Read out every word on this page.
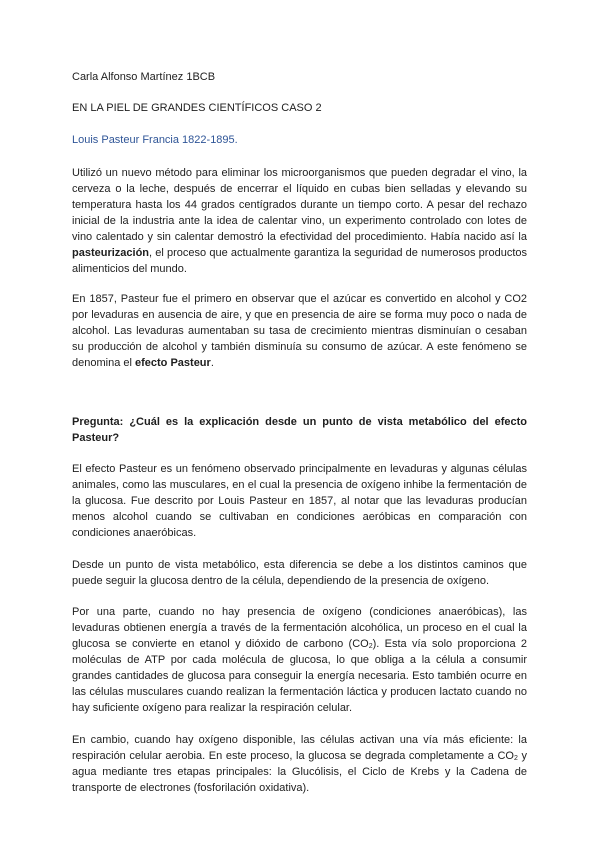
Carla Alfonso Martínez 1BCB

EN LA PIEL DE GRANDES CIENTÍFICOS CASO 2

Louis Pasteur Francia 1822-1895.

Utilizó un nuevo método para eliminar los microorganismos que pueden degradar el vino, la cerveza o la leche, después de encerrar el líquido en cubas bien selladas y elevando su temperatura hasta los 44 grados centígrados durante un tiempo corto. A pesar del rechazo inicial de la industria ante la idea de calentar vino, un experimento controlado con lotes de vino calentado y sin calentar demostró la efectividad del procedimiento. Había nacido así la pasteurización, el proceso que actualmente garantiza la seguridad de numerosos productos alimenticios del mundo.

En 1857, Pasteur fue el primero en observar que el azúcar es convertido en alcohol y CO2 por levaduras en ausencia de aire, y que en presencia de aire se forma muy poco o nada de alcohol. Las levaduras aumentaban su tasa de crecimiento mientras disminuían o cesaban su producción de alcohol y también disminuía su consumo de azúcar. A este fenómeno se denomina el efecto Pasteur.

Pregunta: ¿Cuál es la explicación desde un punto de vista metabólico del efecto Pasteur?

El efecto Pasteur es un fenómeno observado principalmente en levaduras y algunas células animales, como las musculares, en el cual la presencia de oxígeno inhibe la fermentación de la glucosa. Fue descrito por Louis Pasteur en 1857, al notar que las levaduras producían menos alcohol cuando se cultivaban en condiciones aeróbicas en comparación con condiciones anaeróbicas.

Desde un punto de vista metabólico, esta diferencia se debe a los distintos caminos que puede seguir la glucosa dentro de la célula, dependiendo de la presencia de oxígeno.

Por una parte, cuando no hay presencia de oxígeno (condiciones anaeróbicas), las levaduras obtienen energía a través de la fermentación alcohólica, un proceso en el cual la glucosa se convierte en etanol y dióxido de carbono $(CO_2)$. Esta vía solo proporciona 2 moléculas de ATP por cada molécula de glucosa, lo que obliga a la célula a consumir grandes cantidades de glucosa para conseguir la energía necesaria. Esto también ocurre en las células musculares cuando realizan la fermentación láctica y producen lactato cuando no hay suficiente oxígeno para realizar la respiración celular.

En cambio, cuando hay oxígeno disponible, las células activan una vía más eficiente: la respiración celular aerobia. En este proceso, la glucosa se degrada completamente a $CO_2$ y agua mediante tres etapas principales: la Glucólisis, el Ciclo de Krebs y la Cadena de transporte de electrones (fosforilación oxidativa).
